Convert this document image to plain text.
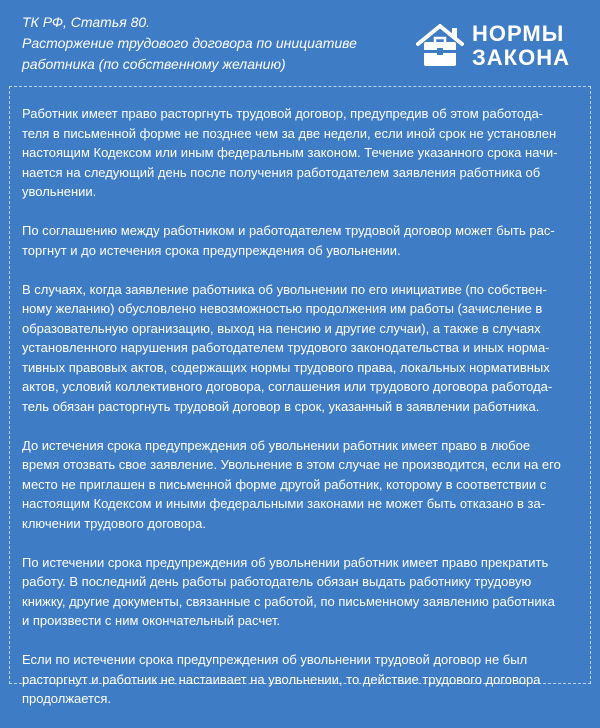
ТК РФ, Статья 80.
Расторжение трудового договора по инициативе
работника (по собственному желанию)
НОРМЫ
ЗАКОНА

Работник имеет право расторгнуть трудовой договор, предупредив об этом работода-
теля в письменной форме не позднее чем за две недели, если иной срок не установлен
настоящим Кодексом или иным федеральным законом. Течение указанного срока начи-
нается на следующий день после получения работодателем заявления работника об
увольнении.

По соглашению между работником и работодателем трудовой договор может быть рас-
торгнут и до истечения срока предупреждения об увольнении.

В случаях, когда заявление работника об увольнении по его инициативе (по собствен-
ному желанию) обусловлено невозможностью продолжения им работы (зачисление в
образовательную организацию, выход на пенсию и другие случаи), а также в случаях
установленного нарушения работодателем трудового законодательства и иных норма-
тивных правовых актов, содержащих нормы трудового права, локальных нормативных
актов, условий коллективного договора, соглашения или трудового договора работода-
тель обязан расторгнуть трудовой договор в срок, указанный в заявлении работника.

До истечения срока предупреждения об увольнении работник имеет право в любое
время отозвать свое заявление. Увольнение в этом случае не производится, если на его
место не приглашен в письменной форме другой работник, которому в соответствии с
настоящим Кодексом и иными федеральными законами не может быть отказано в за-
ключении трудового договора.

По истечении срока предупреждения об увольнении работник имеет право прекратить
работу. В последний день работы работодатель обязан выдать работнику трудовую
книжку, другие документы, связанные с работой, по письменному заявлению работника
и произвести с ним окончательный расчет.

Если по истечении срока предупреждения об увольнении трудовой договор не был
расторгнут и работник не настаивает на увольнении, то действие трудового договора
продолжается.
